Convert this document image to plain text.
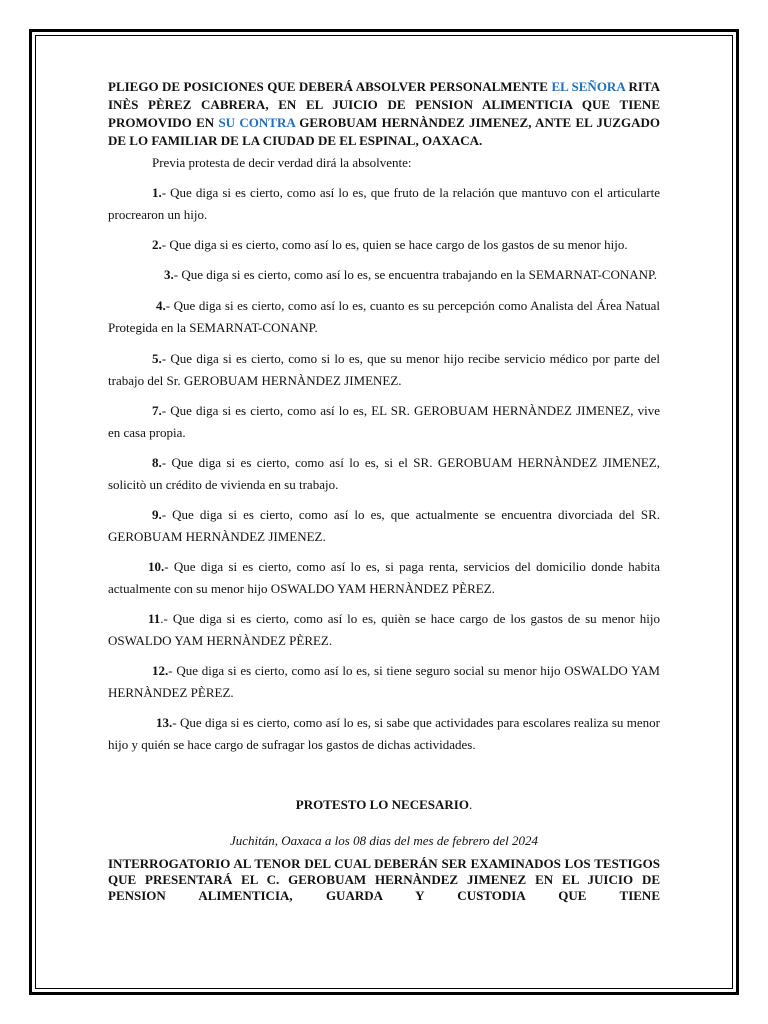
PLIEGO DE POSICIONES QUE DEBERÁ ABSOLVER PERSONALMENTE EL SEÑORA RITA INÈS PÈREZ CABRERA, EN EL JUICIO DE PENSION ALIMENTICIA QUE TIENE PROMOVIDO EN SU CONTRA GEROBUAM HERNÀNDEZ JIMENEZ, ANTE EL JUZGADO DE LO FAMILIAR DE LA CIUDAD DE EL ESPINAL, OAXACA.

Previa protesta de decir verdad dirá la absolvente:

1.- Que diga si es cierto, como así lo es, que fruto de la relación que mantuvo con el articularte procrearon un hijo.

2.- Que diga si es cierto, como así lo es, quien se hace cargo de los gastos de su menor hijo.

3.- Que diga si es cierto, como así lo es, se encuentra trabajando en la SEMARNAT-CONANP.

4.- Que diga si es cierto, como así lo es, cuanto es su percepción como Analista del Área Natual Protegida en la SEMARNAT-CONANP.

5.- Que diga si es cierto, como si lo es, que su menor hijo recibe servicio médico por parte del trabajo del Sr. GEROBUAM HERNÀNDEZ JIMENEZ.

7.- Que diga si es cierto, como así lo es, EL SR. GEROBUAM HERNÀNDEZ JIMENEZ, vive en casa propia.

8.- Que diga si es cierto, como así lo es, si el SR. GEROBUAM HERNÀNDEZ JIMENEZ, solicitò un crédito de vivienda en su trabajo.

9.- Que diga si es cierto, como así lo es, que actualmente se encuentra divorciada del SR. GEROBUAM HERNÀNDEZ JIMENEZ.

10.- Que diga si es cierto, como así lo es, si paga renta, servicios del domicilio donde habita actualmente con su menor hijo OSWALDO YAM HERNÀNDEZ PÈREZ.

11.- Que diga si es cierto, como así lo es, quièn se hace cargo de los gastos de su menor hijo OSWALDO YAM HERNÀNDEZ PÈREZ.

12.- Que diga si es cierto, como así lo es, si tiene seguro social su menor hijo OSWALDO YAM HERNÀNDEZ PÈREZ.

13.- Que diga si es cierto, como así lo es, si sabe que actividades para escolares realiza su menor hijo y quién se hace cargo de sufragar los gastos de dichas actividades.

PROTESTO LO NECESARIO.

Juchitán, Oaxaca a los 08 dias del mes de febrero del 2024

INTERROGATORIO AL TENOR DEL CUAL DEBERÁN SER EXAMINADOS LOS TESTIGOS QUE PRESENTARÁ EL C. GEROBUAM HERNÀNDEZ JIMENEZ EN EL JUICIO DE PENSION ALIMENTICIA, GUARDA Y CUSTODIA QUE TIENE
